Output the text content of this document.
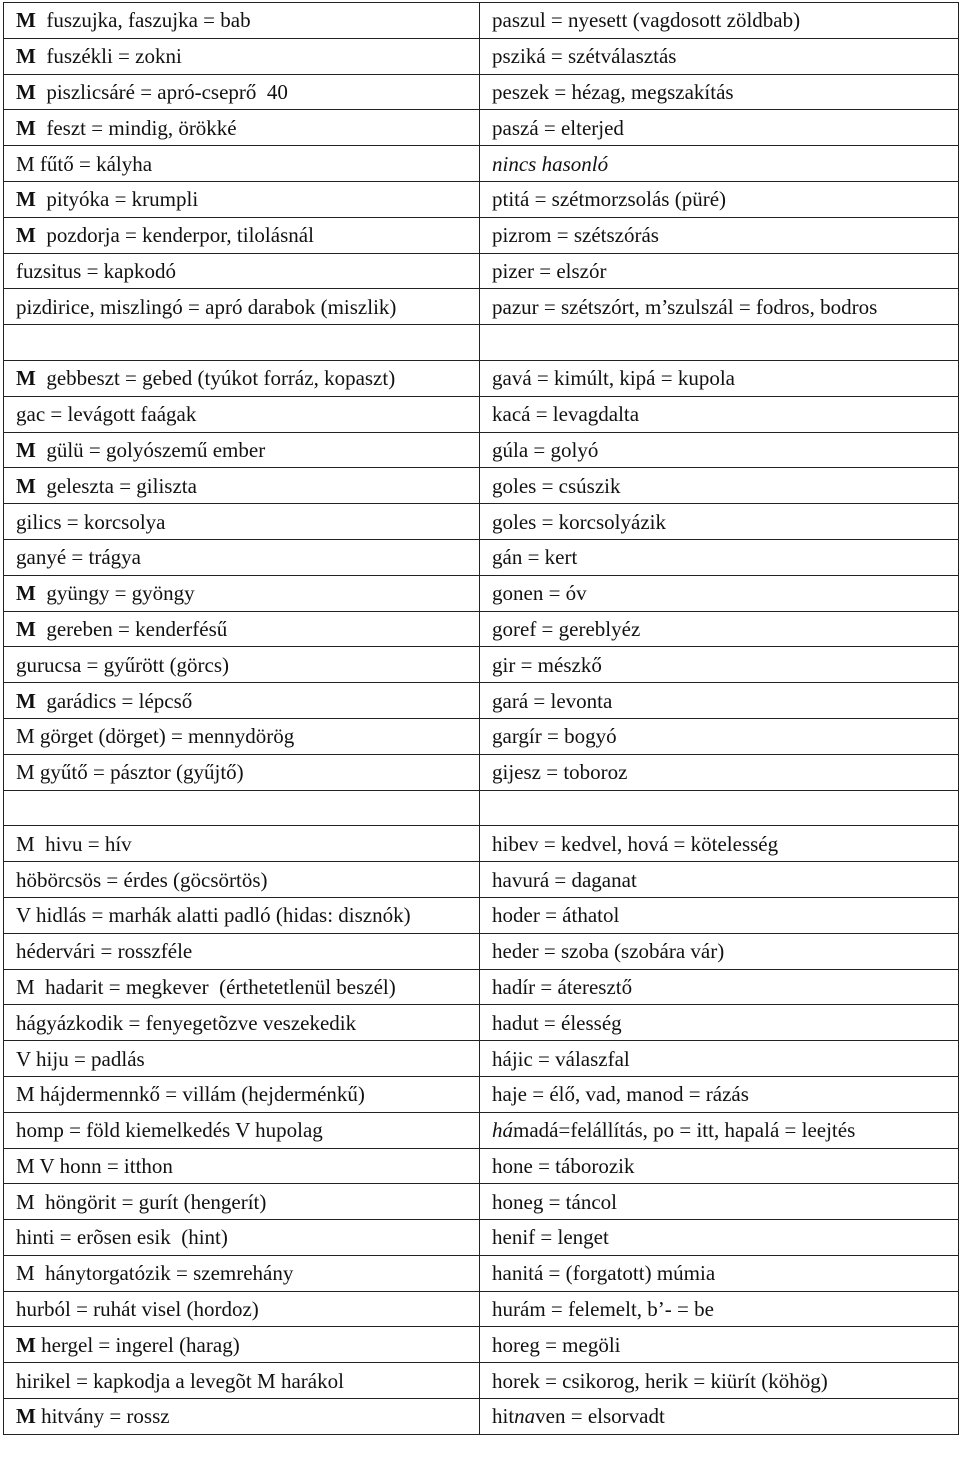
M  fuszujka, faszujka = bab	paszul = nyesett (vagdosott zöldbab)
M  fuszékli = zokni	psziká = szétválasztás
M  piszlicsáré = apró-cseprő  40	peszek = hézag, megszakítás
M  feszt = mindig, örökké	paszá = elterjed
M fűtő = kályha	nincs hasonló
M  pityóka = krumpli	ptitá = szétmorzsolás (püré)
M  pozdorja = kenderpor, tilolásnál	pizrom = szétszórás
fuzsitus = kapkodó	pizer = elszór
pizdirice, miszlingó = apró darabok (miszlik)	pazur = szétszórt, m’szulszál = fodros, bodros

M  gebbeszt = gebed (tyúkot forráz, kopaszt)	gavá = kimúlt, kipá = kupola
gac = levágott faágak	kacá = levagdalta
M  gülü = golyószemű ember	gúla = golyó
M  geleszta = giliszta	goles = csúszik
gilics = korcsolya	goles = korcsolyázik
ganyé = trágya	gán = kert
M  gyüngy = gyöngy	gonen = óv
M  gereben = kenderfésű	goref = gereblyéz
gurucsa = gyűrött (görcs)	gir = mészkő
M  garádics = lépcső	gará = levonta
M görget (dörget) = mennydörög	gargír = bogyó
M gyűtő = pásztor (gyűjtő)	gijesz = toboroz

M  hivu = hív	hibev = kedvel, hová = kötelesség
höbörcsös = érdes (göcsörtös)	havurá = daganat
V hidlás = marhák alatti padló (hidas: disznók)	hoder = áthatol
hédervári = rosszféle	heder = szoba (szobára vár)
M  hadarit = megkever  (érthetetlenül beszél)	hadír = áteresztő
hágyázkodik = fenyegetõzve veszekedik	hadut = élesség
V hiju = padlás	hájic = válaszfal
M hájdermennkő = villám (hejderménkű)	haje = élő, vad, manod = rázás
homp = föld kiemelkedés V hupolag	hámadá=felállítás, po = itt, hapalá = leejtés
M V honn = itthon	hone = táborozik
M  höngörit = gurít (hengerít)	honeg = táncol
hinti = erõsen esik  (hint)	henif = lenget
M  hánytorgatózik = szemrehány	hanitá = (forgatott) múmia
hurból = ruhát visel (hordoz)	hurám = felemelt, b’- = be
M hergel = ingerel (harag)	horeg = megöli
hirikel = kapkodja a levegõt M harákol	horek = csikorog, herik = kiürít (köhög)
M hitvány = rossz	hitnaven = elsorvadt
